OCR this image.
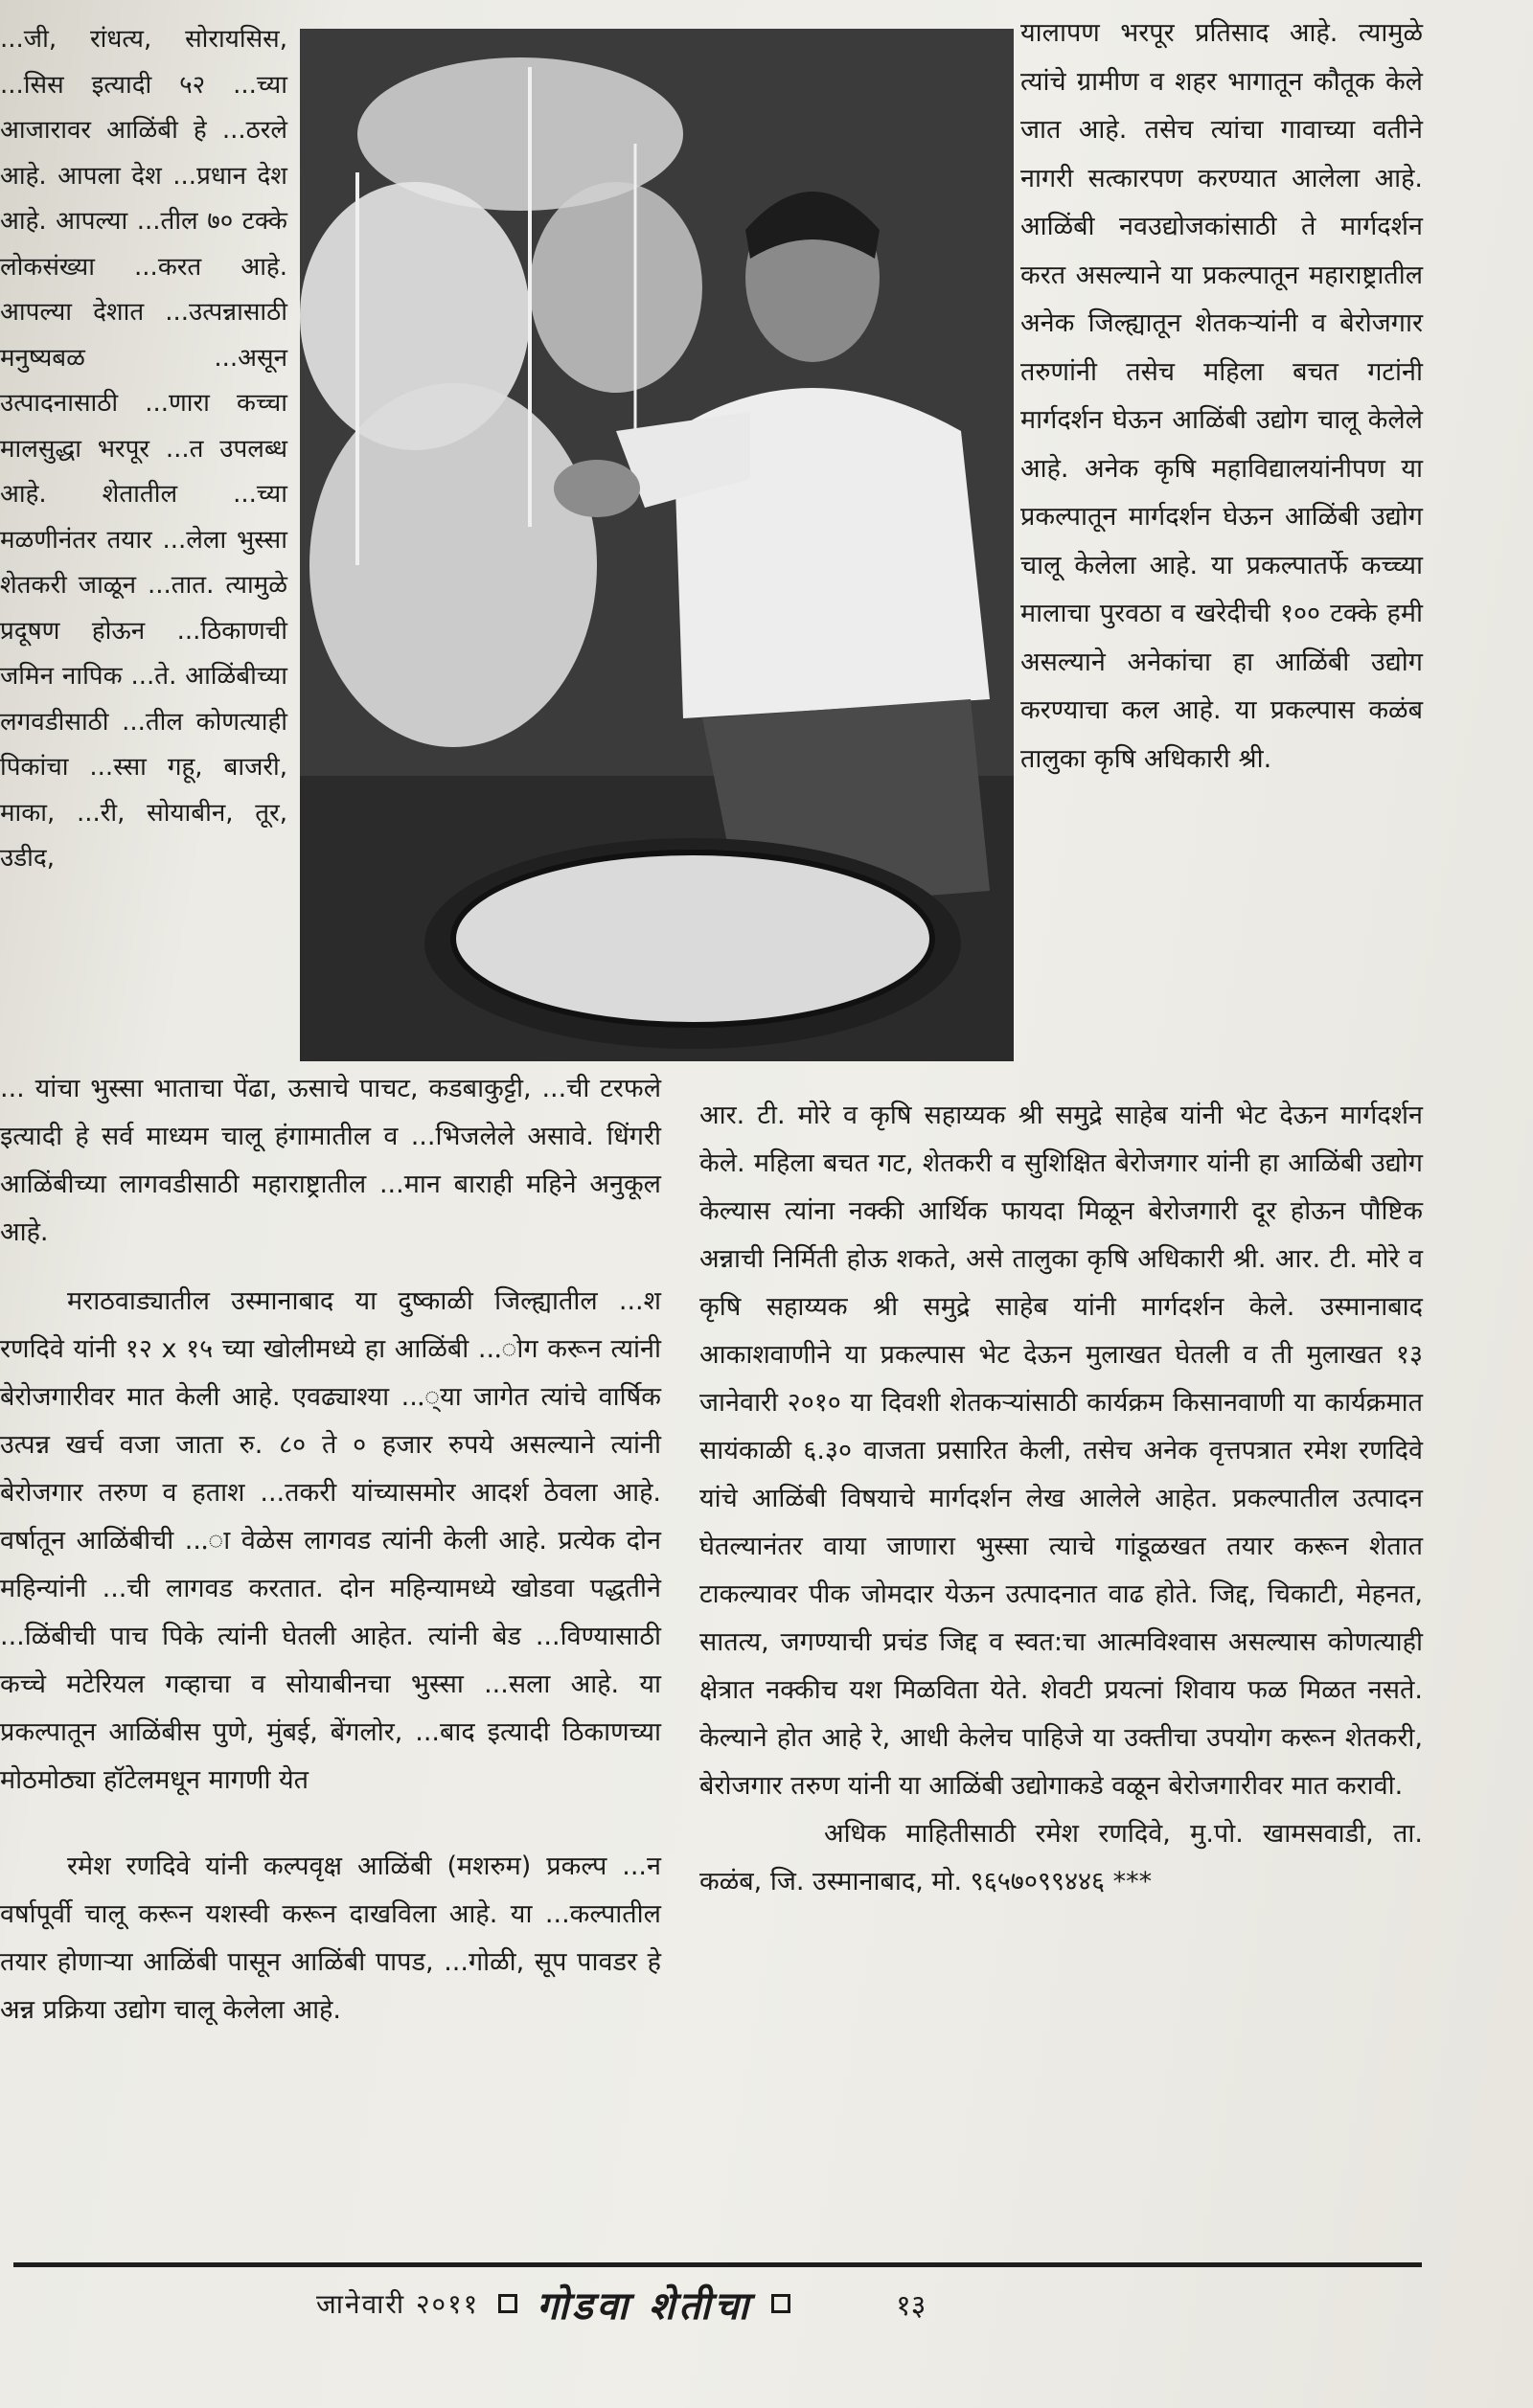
...जी, रांधत्य, सोरायसिस, ...सिस इत्यादी ५२ ...च्या आजारावर आळिंबी हे ...ठरले आहे. आपला देश ...प्रधान देश आहे. आपल्या ...तील ७० टक्के लोकसंख्या ...करत आहे. आपल्या देशात ...उत्पन्नासाठी मनुष्यबळ ...असून उत्पादनासाठी ...णारा कच्चा मालसुद्धा भरपूर ...त उपलब्ध आहे. शेतातील ...च्या मळणीनंतर तयार ...लेला भुस्सा शेतकरी जाळून ...तात. त्यामुळे प्रदूषण होऊन ...ठिकाणची जमिन नापिक ...ते. आळिंबीच्या लगवडीसाठी ...तील कोणत्याही पिकांचा ...स्सा गहू, बाजरी, माका, ...री, सोयाबीन, तूर, उडीद,

यालापण भरपूर प्रतिसाद आहे. त्यामुळे त्यांचे ग्रामीण व शहर भागातून कौतूक केले जात आहे. तसेच त्यांचा गावाच्या वतीने नागरी सत्कारपण करण्यात आलेला आहे. आळिंबी नवउद्योजकांसाठी ते मार्गदर्शन करत असल्याने या प्रकल्पातून महाराष्ट्रातील अनेक जिल्ह्यातून शेतकऱ्यांनी व बेरोजगार तरुणांनी तसेच महिला बचत गटांनी मार्गदर्शन घेऊन आळिंबी उद्योग चालू केलेले आहे. अनेक कृषि महाविद्यालयांनीपण या प्रकल्पातून मार्गदर्शन घेऊन आळिंबी उद्योग चालू केलेला आहे. या प्रकल्पातर्फे कच्च्या मालाचा पुरवठा व खरेदीची १०० टक्के हमी असल्याने अनेकांचा हा आळिंबी उद्योग करण्याचा कल आहे. या प्रकल्पास कळंब तालुका कृषि अधिकारी श्री.

... यांचा भुस्सा भाताचा पेंढा, ऊसाचे पाचट, कडबाकुट्टी, ...ची टरफले इत्यादी हे सर्व माध्यम चालू हंगामातील व ...भिजलेले असावे. धिंगरी आळिंबीच्या लागवडीसाठी महाराष्ट्रातील ...मान बाराही महिने अनुकूल आहे.

मराठवाड्यातील उस्मानाबाद या दुष्काळी जिल्ह्यातील ...श रणदिवे यांनी १२ x १५ च्या खोलीमध्ये हा आळिंबी ...ोग करून त्यांनी बेरोजगारीवर मात केली आहे. एवढ्याश्या ...्या जागेत त्यांचे वार्षिक उत्पन्न खर्च वजा जाता रु. ८० ते ० हजार रुपये असल्याने त्यांनी बेरोजगार तरुण व हताश ...तकरी यांच्यासमोर आदर्श ठेवला आहे. वर्षातून आळिंबीची ...ा वेळेस लागवड त्यांनी केली आहे. प्रत्येक दोन महिन्यांनी ...ची लागवड करतात. दोन महिन्यामध्ये खोडवा पद्धतीने ...ळिंबीची पाच पिके त्यांनी घेतली आहेत. त्यांनी बेड ...विण्यासाठी कच्चे मटेरियल गव्हाचा व सोयाबीनचा भुस्सा ...सला आहे. या प्रकल्पातून आळिंबीस पुणे, मुंबई, बेंगलोर, ...बाद इत्यादी ठिकाणच्या मोठमोठ्या हॉटेलमधून मागणी येत

रमेश रणदिवे यांनी कल्पवृक्ष आळिंबी (मशरुम) प्रकल्प ...न वर्षापूर्वी चालू करून यशस्वी करून दाखविला आहे. या ...कल्पातील तयार होणाऱ्या आळिंबी पासून आळिंबी पापड, ...गोळी, सूप पावडर हे अन्न प्रक्रिया उद्योग चालू केलेला आहे.

आर. टी. मोरे व कृषि सहाय्यक श्री समुद्रे साहेब यांनी भेट देऊन मार्गदर्शन केले. महिला बचत गट, शेतकरी व सुशिक्षित बेरोजगार यांनी हा आळिंबी उद्योग केल्यास त्यांना नक्की आर्थिक फायदा मिळून बेरोजगारी दूर होऊन पौष्टिक अन्नाची निर्मिती होऊ शकते, असे तालुका कृषि अधिकारी श्री. आर. टी. मोरे व कृषि सहाय्यक श्री समुद्रे साहेब यांनी मार्गदर्शन केले. उस्मानाबाद आकाशवाणीने या प्रकल्पास भेट देऊन मुलाखत घेतली व ती मुलाखत १३ जानेवारी २०१० या दिवशी शेतकऱ्यांसाठी कार्यक्रम किसानवाणी या कार्यक्रमात सायंकाळी ६.३० वाजता प्रसारित केली, तसेच अनेक वृत्तपत्रात रमेश रणदिवे यांचे आळिंबी विषयाचे मार्गदर्शन लेख आलेले आहेत. प्रकल्पातील उत्पादन घेतल्यानंतर वाया जाणारा भुस्सा त्याचे गांडूळखत तयार करून शेतात टाकल्यावर पीक जोमदार येऊन उत्पादनात वाढ होते. जिद्द, चिकाटी, मेहनत, सातत्य, जगण्याची प्रचंड जिद्द व स्वत:चा आत्मविश्वास असल्यास कोणत्याही क्षेत्रात नक्कीच यश मिळविता येते. शेवटी प्रयत्नां शिवाय फळ मिळत नसते. केल्याने होत आहे रे, आधी केलेच पाहिजे या उक्तीचा उपयोग करून शेतकरी, बेरोजगार तरुण यांनी या आळिंबी उद्योगाकडे वळून बेरोजगारीवर मात करावी.

अधिक माहितीसाठी रमेश रणदिवे, मु.पो. खामसवाडी, ता. कळंब, जि. उस्मानाबाद, मो. ९६५७०९९४४६ ***

जानेवारी २०११ गोडवा शेतीचा	१३
